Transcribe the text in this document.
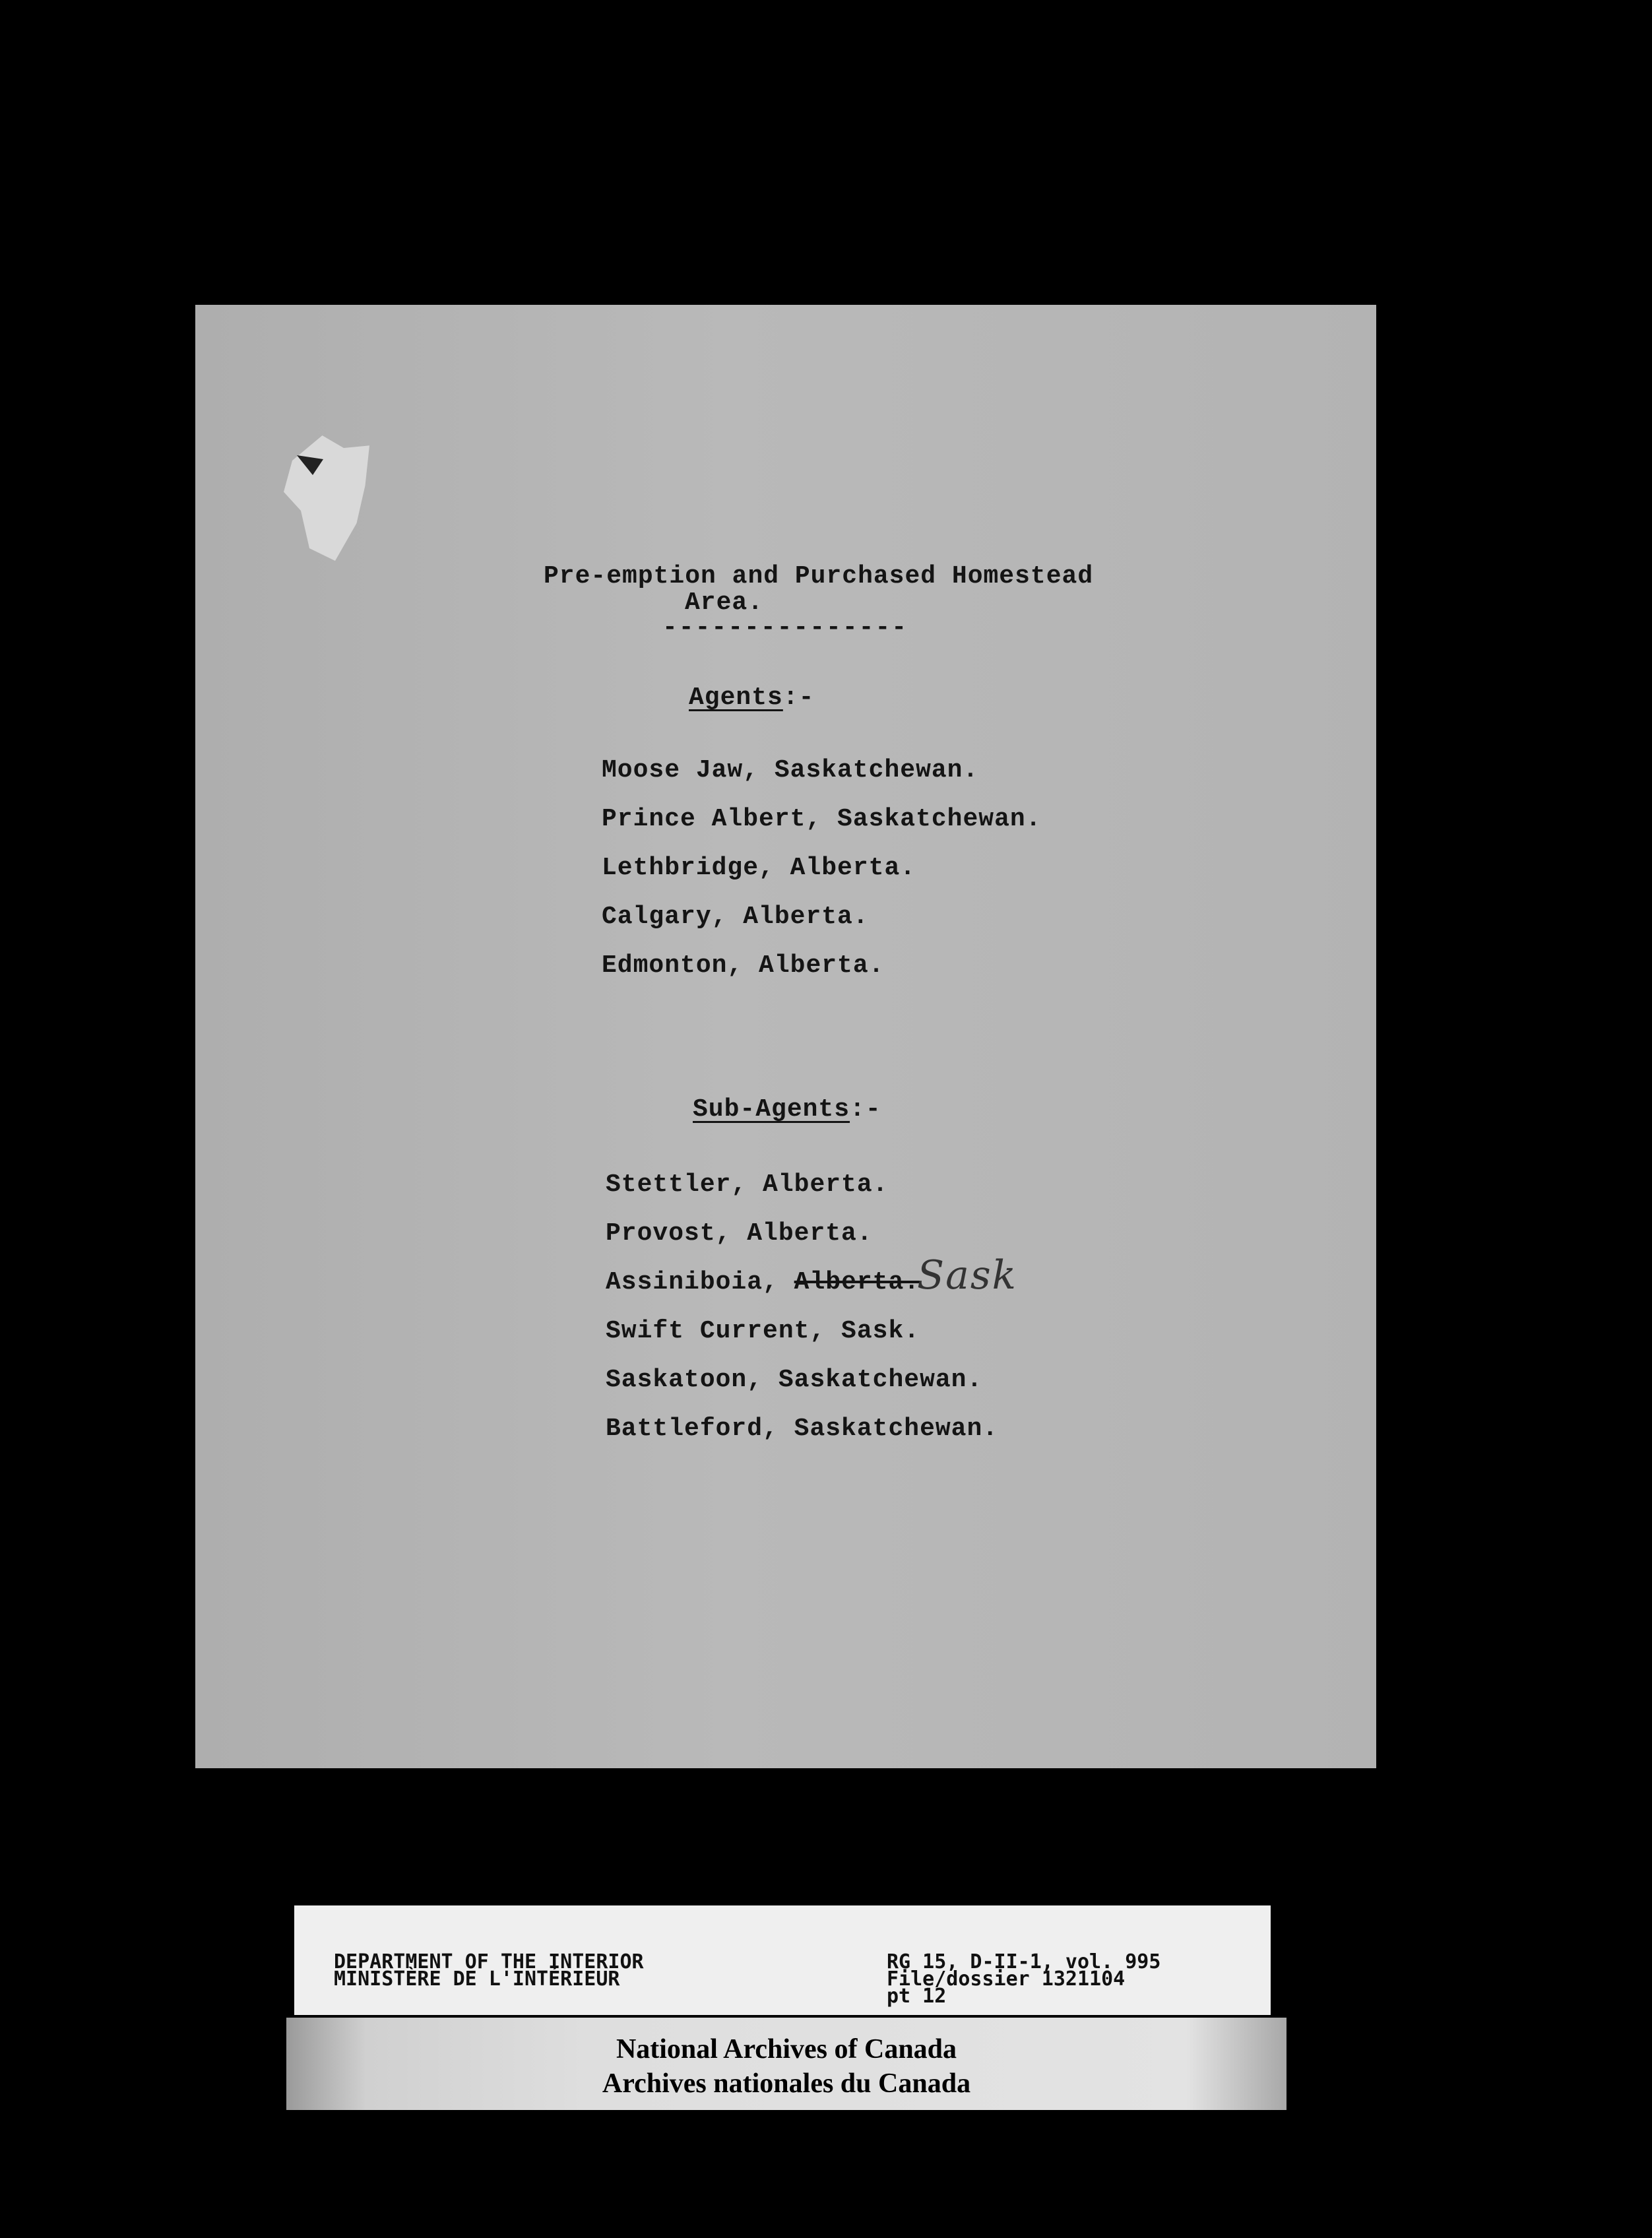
Pre-emption and Purchased Homestead
Area.
---------------
Agents:-
Moose Jaw, Saskatchewan.
Prince Albert, Saskatchewan.
Lethbridge, Alberta.
Calgary, Alberta.
Edmonton, Alberta.
Sub-Agents:-
Stettler, Alberta.
Provost, Alberta.
Assiniboia, Alberta.
Sask
Swift Current, Sask.
Saskatoon, Saskatchewan.
Battleford, Saskatchewan.
DEPARTMENT OF THE INTERIOR
MINISTÈRE DE L'INTÉRIEUR
RG 15, D-II-1, vol. 995
File/dossier 1321104
pt 12
National Archives of Canada
Archives nationales du Canada
